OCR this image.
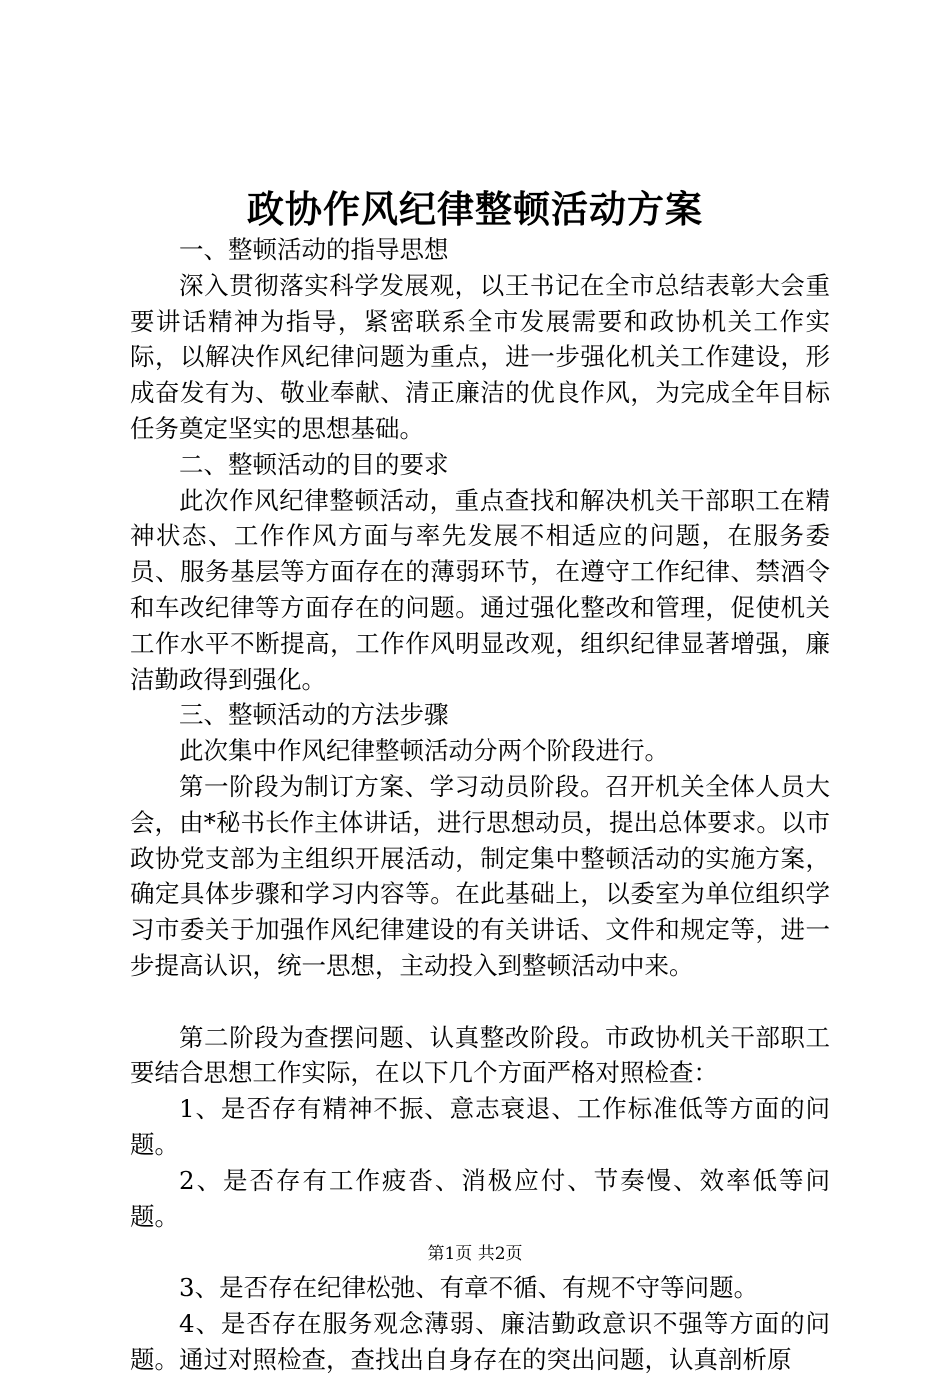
政协作风纪律整顿活动方案

一、整顿活动的指导思想

深入贯彻落实科学发展观，以王书记在全市总结表彰大会重要讲话精神为指导，紧密联系全市发展需要和政协机关工作实际，以解决作风纪律问题为重点，进一步强化机关工作建设，形成奋发有为、敬业奉献、清正廉洁的优良作风，为完成全年目标任务奠定坚实的思想基础。

二、整顿活动的目的要求

此次作风纪律整顿活动，重点查找和解决机关干部职工在精神状态、工作作风方面与率先发展不相适应的问题，在服务委员、服务基层等方面存在的薄弱环节，在遵守工作纪律、禁酒令和车改纪律等方面存在的问题。通过强化整改和管理，促使机关工作水平不断提高，工作作风明显改观，组织纪律显著增强，廉洁勤政得到强化。

三、整顿活动的方法步骤

此次集中作风纪律整顿活动分两个阶段进行。

第一阶段为制订方案、学习动员阶段。召开机关全体人员大会，由*秘书长作主体讲话，进行思想动员，提出总体要求。以市政协党支部为主组织开展活动，制定集中整顿活动的实施方案，确定具体步骤和学习内容等。在此基础上，以委室为单位组织学习市委关于加强作风纪律建设的有关讲话、文件和规定等，进一步提高认识，统一思想，主动投入到整顿活动中来。

第二阶段为查摆问题、认真整改阶段。市政协机关干部职工要结合思想工作实际，在以下几个方面严格对照检查：

1、是否存有精神不振、意志衰退、工作标准低等方面的问题。

2、是否存有工作疲沓、消极应付、节奏慢、效率低等问题。

3、是否存在纪律松弛、有章不循、有规不守等问题。

4、是否存在服务观念薄弱、廉洁勤政意识不强等方面的问题。通过对照检查，查找出自身存在的突出问题，认真剖析原

第1页 共2页
